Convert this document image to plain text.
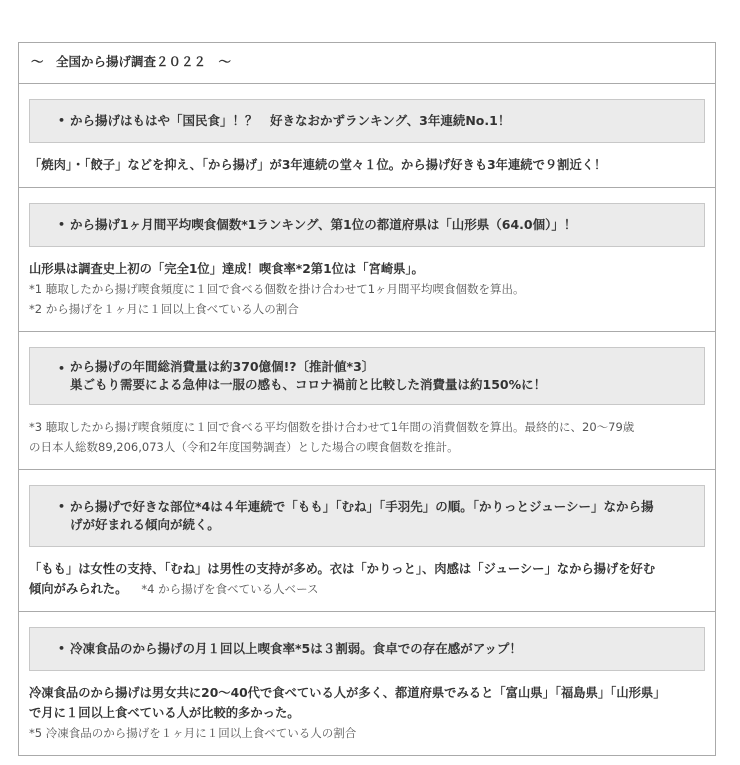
〜　全国から揚げ調査２０２２　〜
• から揚げはもはや「国民食」！？　好きなおかずランキング、3年連続No.1！
「焼肉」・「餃子」などを抑え、「から揚げ」が3年連続の堂々１位。から揚げ好きも3年連続で９割近く！
• から揚げ1ヶ月間平均喫食個数*1ランキング、第1位の都道府県は「山形県（64.0個）」！
山形県は調査史上初の「完全1位」達成！喫食率*2第1位は「宮崎県」。
*1 聴取したから揚げ喫食頻度に１回で食べる個数を掛け合わせて1ヶ月間平均喫食個数を算出。
*2 から揚げを１ヶ月に１回以上食べている人の割合
• から揚げの年間総消費量は約370億個!?〔推計値*3〕
巣ごもり需要による急伸は一服の感も、コロナ禍前と比較した消費量は約150%に！
*3 聴取したから揚げ喫食頻度に１回で食べる平均個数を掛け合わせて1年間の消費個数を算出。最終的に、20〜79歳
の日本人総数89,206,073人（令和2年度国勢調査）とした場合の喫食個数を推計。
• から揚げで好きな部位*4は４年連続で「もも」「むね」「手羽先」の順。「かりっとジューシー」なから揚
げが好まれる傾向が続く。
「もも」は女性の支持、「むね」は男性の支持が多め。衣は「かりっと」、肉感は「ジューシー」なから揚げを好む
傾向がみられた。 *4 から揚げを食べている人ベース
• 冷凍食品のから揚げの月１回以上喫食率*5は３割弱。食卓での存在感がアップ！
冷凍食品のから揚げは男女共に20〜40代で食べている人が多く、都道府県でみると「富山県」「福島県」「山形県」
で月に１回以上食べている人が比較的多かった。
*5 冷凍食品のから揚げを１ヶ月に１回以上食べている人の割合
